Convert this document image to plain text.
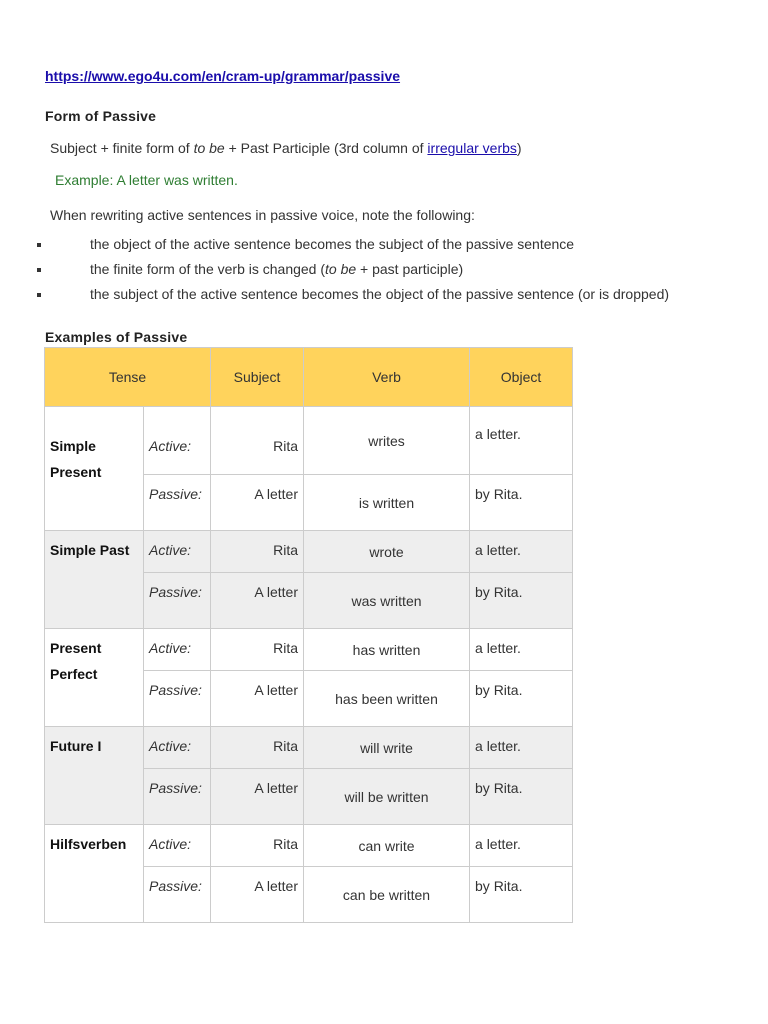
https://www.ego4u.com/en/cram-up/grammar/passive
Form of Passive
Subject + finite form of to be + Past Participle (3rd column of irregular verbs)
Example: A letter was written.
When rewriting active sentences in passive voice, note the following:
the object of the active sentence becomes the subject of the passive sentence
the finite form of the verb is changed (to be + past participle)
the subject of the active sentence becomes the object of the passive sentence (or is dropped)
Examples of Passive
Tense		Subject	Verb	Object
Simple Present	Active:	Rita	writes	a letter.
	Passive:	A letter	is written	by Rita.
Simple Past	Active:	Rita	wrote	a letter.
	Passive:	A letter	was written	by Rita.
Present Perfect	Active:	Rita	has written	a letter.
	Passive:	A letter	has been written	by Rita.
Future I	Active:	Rita	will write	a letter.
	Passive:	A letter	will be written	by Rita.
Hilfsverben	Active:	Rita	can write	a letter.
	Passive:	A letter	can be written	by Rita.
